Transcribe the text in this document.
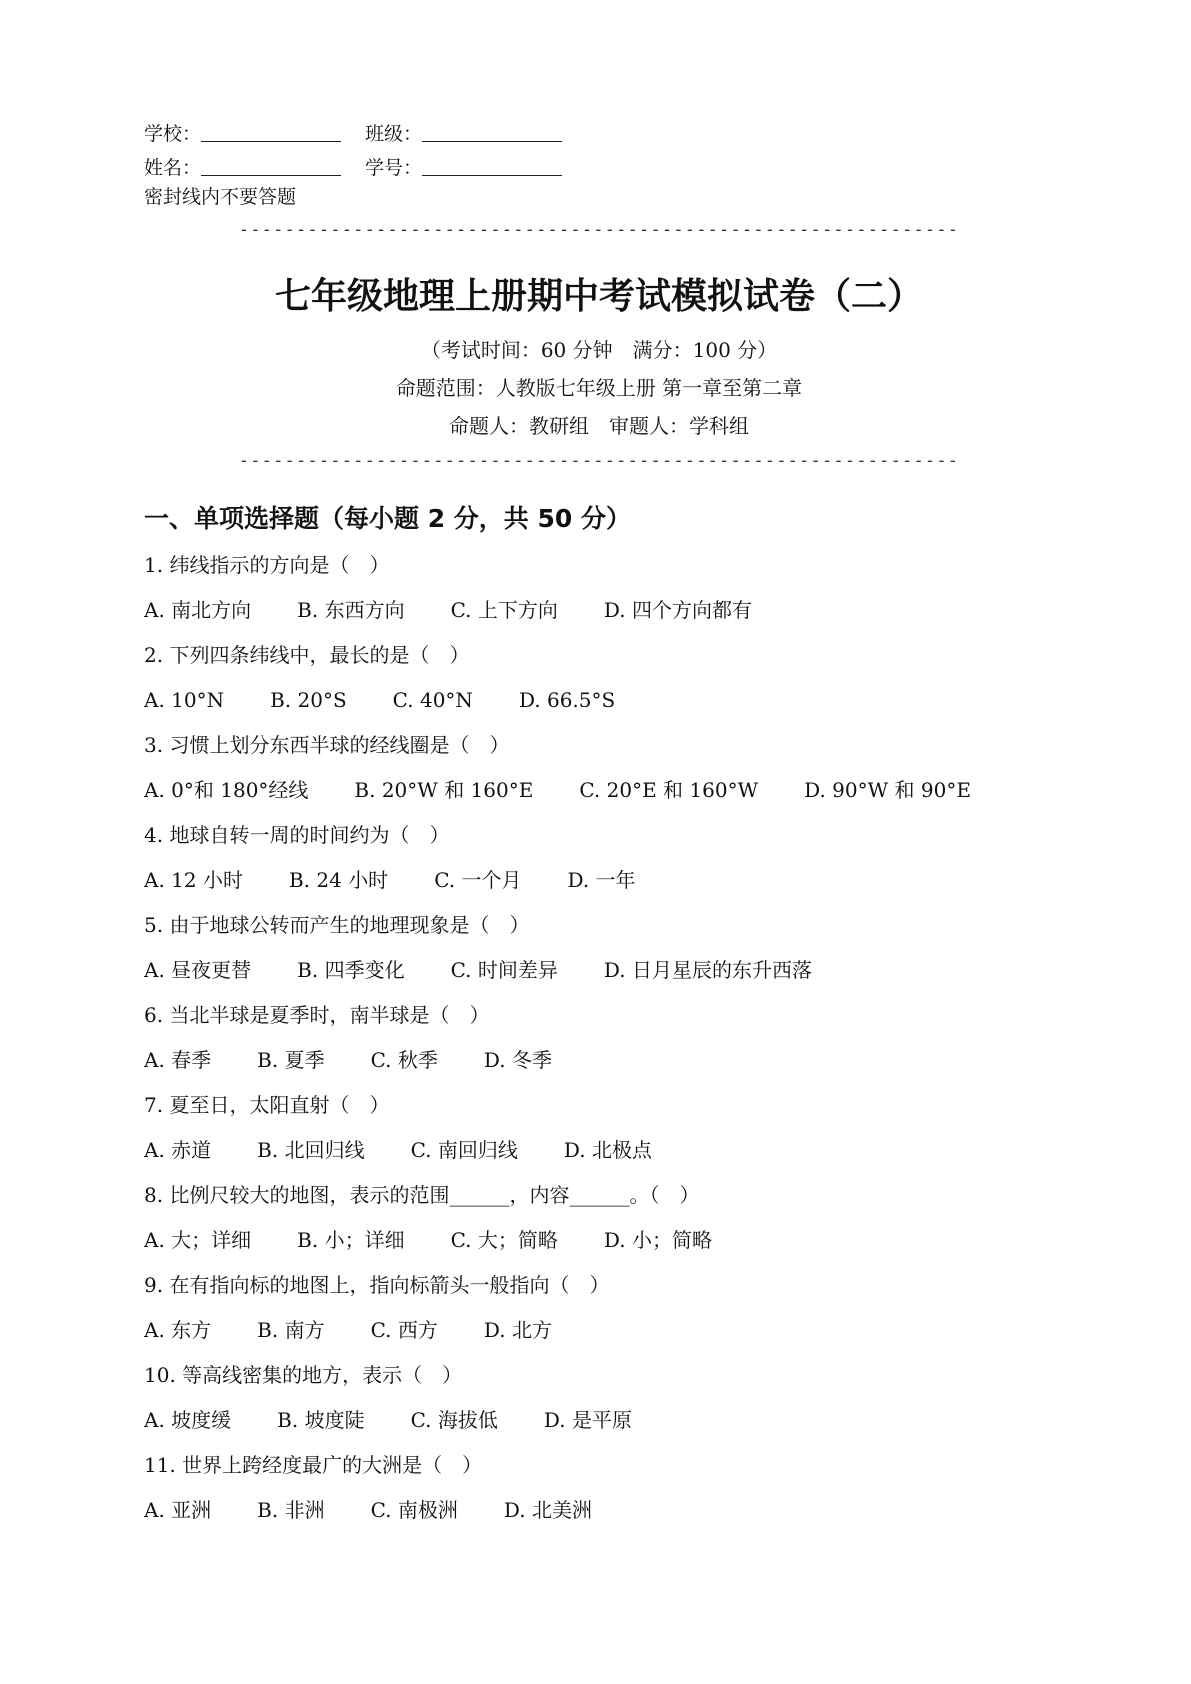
学校：	班级：
姓名：	学号：
密封线内不要答题
---------------------------------------------------------------
七年级地理上册期中考试模拟试卷（二）
（考试时间：60 分钟　满分：100 分）
命题范围：人教版七年级上册 第一章至第二章
命题人：教研组　审题人：学科组
---------------------------------------------------------------
一、单项选择题（每小题 2 分，共 50 分）
1. 纬线指示的方向是（　）
A. 南北方向 B. 东西方向 C. 上下方向 D. 四个方向都有
2. 下列四条纬线中，最长的是（　）
A. 10°N B. 20°S C. 40°N D. 66.5°S
3. 习惯上划分东西半球的经线圈是（　）
A. 0°和 180°经线 B. 20°W 和 160°E C. 20°E 和 160°W D. 90°W 和 90°E
4. 地球自转一周的时间约为（　）
A. 12 小时 B. 24 小时 C. 一个月 D. 一年
5. 由于地球公转而产生的地理现象是（　）
A. 昼夜更替 B. 四季变化 C. 时间差异 D. 日月星辰的东升西落
6. 当北半球是夏季时，南半球是（　）
A. 春季 B. 夏季 C. 秋季 D. 冬季
7. 夏至日，太阳直射（　）
A. 赤道 B. 北回归线 C. 南回归线 D. 北极点
8. 比例尺较大的地图，表示的范围______，内容______。（　）
A. 大；详细 B. 小；详细 C. 大；简略 D. 小；简略
9. 在有指向标的地图上，指向标箭头一般指向（　）
A. 东方 B. 南方 C. 西方 D. 北方
10. 等高线密集的地方，表示（　）
A. 坡度缓 B. 坡度陡 C. 海拔低 D. 是平原
11. 世界上跨经度最广的大洲是（　）
A. 亚洲 B. 非洲 C. 南极洲 D. 北美洲
